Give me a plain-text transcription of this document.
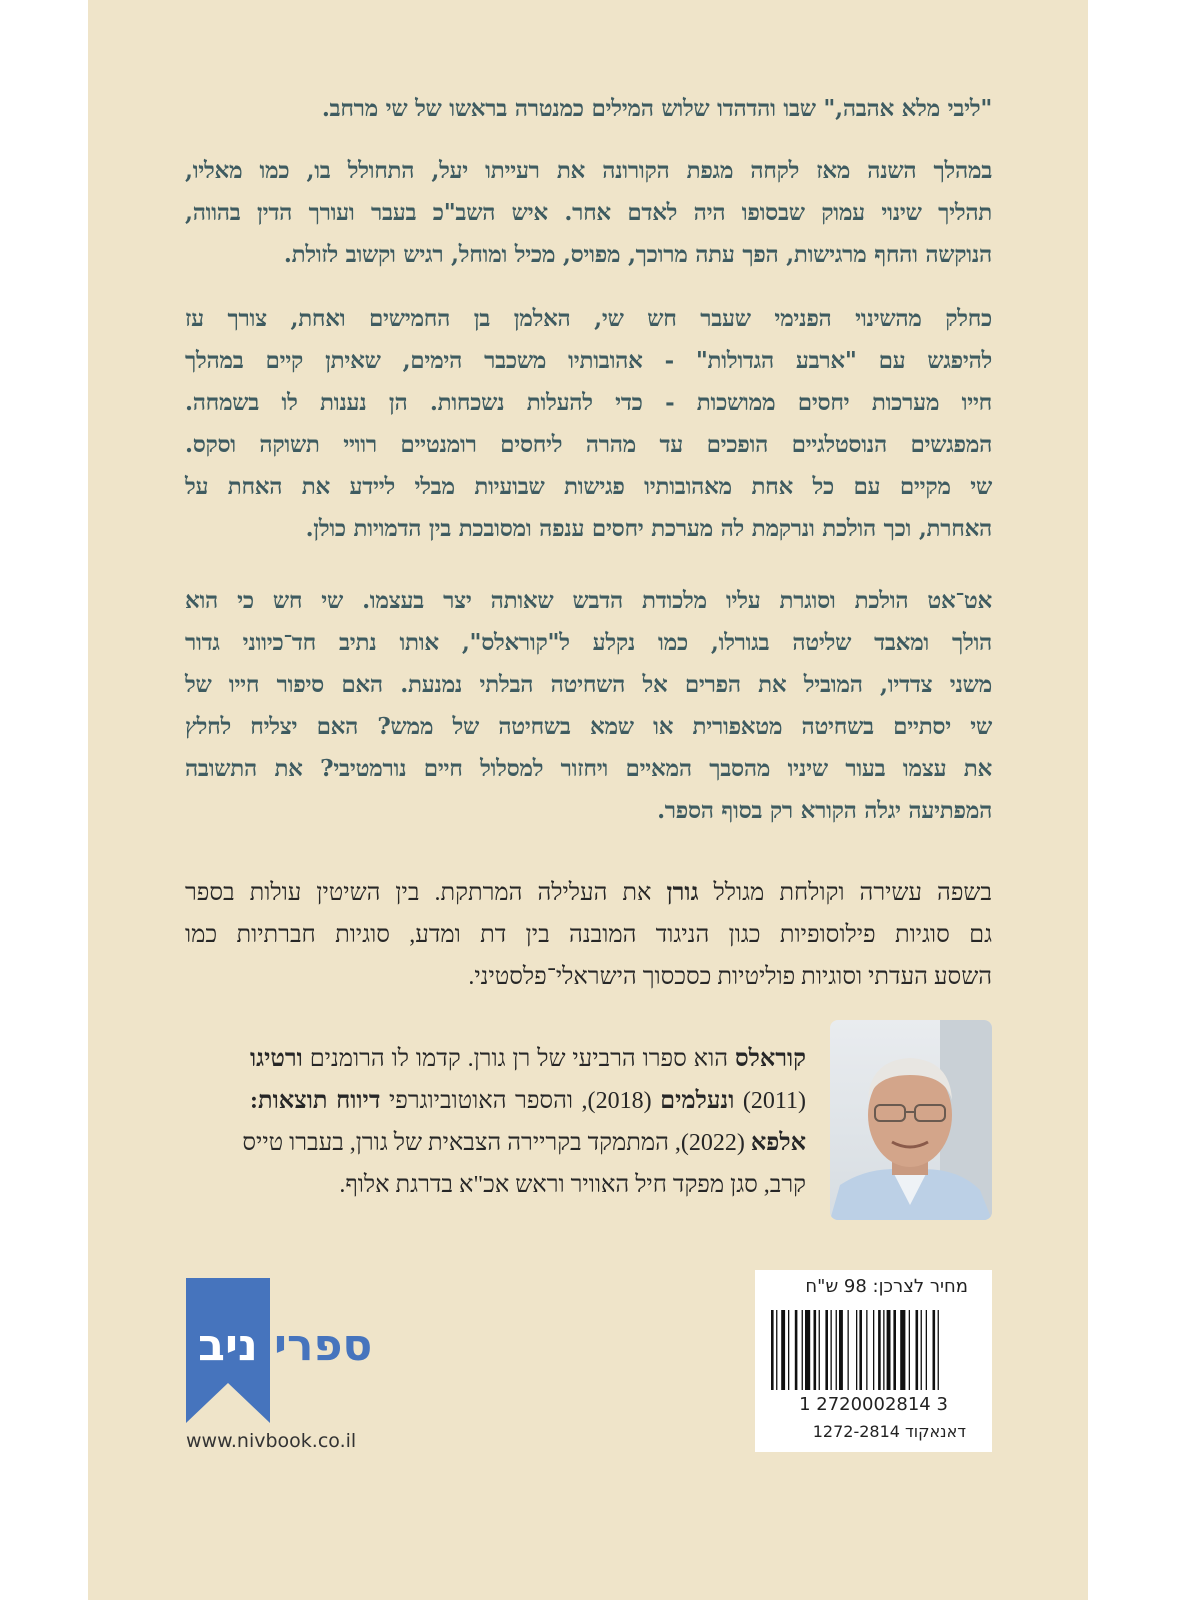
"ליבי מלא אהבה," שבו והדהדו שלוש המילים כמנטרה בראשו של שי מרחב.
במהלך השנה מאז לקחה מגפת הקורונה את רעייתו יעל, התחולל בו, כמו מאליו,
תהליך שינוי עמוק שבסופו היה לאדם אחר. איש השב"כ בעבר ועורך הדין בהווה,
הנוקשה והחף מרגישות, הפך עתה מרוכך, מפויס, מכיל ומוחל, רגיש וקשוב לזולת.
כחלק מהשינוי הפנימי שעבר חש שי, האלמן בן החמישים ואחת, צורך עז
להיפגש עם "ארבע הגדולות" - אהובותיו משכבר הימים, שאיתן קיים במהלך
חייו מערכות יחסים ממושכות - כדי להעלות נשכחות. הן נענות לו בשמחה.
המפגשים הנוסטלגיים הופכים עד מהרה ליחסים רומנטיים רוויי תשוקה וסקס.
שי מקיים עם כל אחת מאהובותיו פגישות שבועיות מבלי ליידע את האחת על
האחרת, וכך הולכת ונרקמת לה מערכת יחסים ענפה ומסובכת בין הדמויות כולן.
אט־אט הולכת וסוגרת עליו מלכודת הדבש שאותה יצר בעצמו. שי חש כי הוא
הולך ומאבד שליטה בגורלו, כמו נקלע ל"קוראלס", אותו נתיב חד־כיווני גדור
משני צדדיו, המוביל את הפרים אל השחיטה הבלתי נמנעת. האם סיפור חייו של
שי יסתיים בשחיטה מטאפורית או שמא בשחיטה של ממש? האם יצליח לחלץ
את עצמו בעור שיניו מהסבך המאיים ויחזור למסלול חיים נורמטיבי? את התשובה
המפתיעה יגלה הקורא רק בסוף הספר.
בשפה עשירה וקולחת מגולל גורן את העלילה המרתקת. בין השיטין עולות בספר
גם סוגיות פילוסופיות כגון הניגוד המובנה בין דת ומדע, סוגיות חברתיות כמו
השסע העדתי וסוגיות פוליטיות כסכסוך הישראלי־פלסטיני.
קוראלס הוא ספרו הרביעי של רן גורן. קדמו לו הרומנים ורטיגו
(2011) ונעלמים (2018), והספר האוטוביוגרפי דיווח תוצאות:
אלפא (2022), המתמקד בקריירה הצבאית של גורן, בעברו טייס
קרב, סגן מפקד חיל האוויר וראש אכ"א בדרגת אלוף.
מחיר לצרכן: 98 ש"ח
1 2720002814 3
דאנאקוד 1272-2814
ניב ספרי
www.nivbook.co.il
